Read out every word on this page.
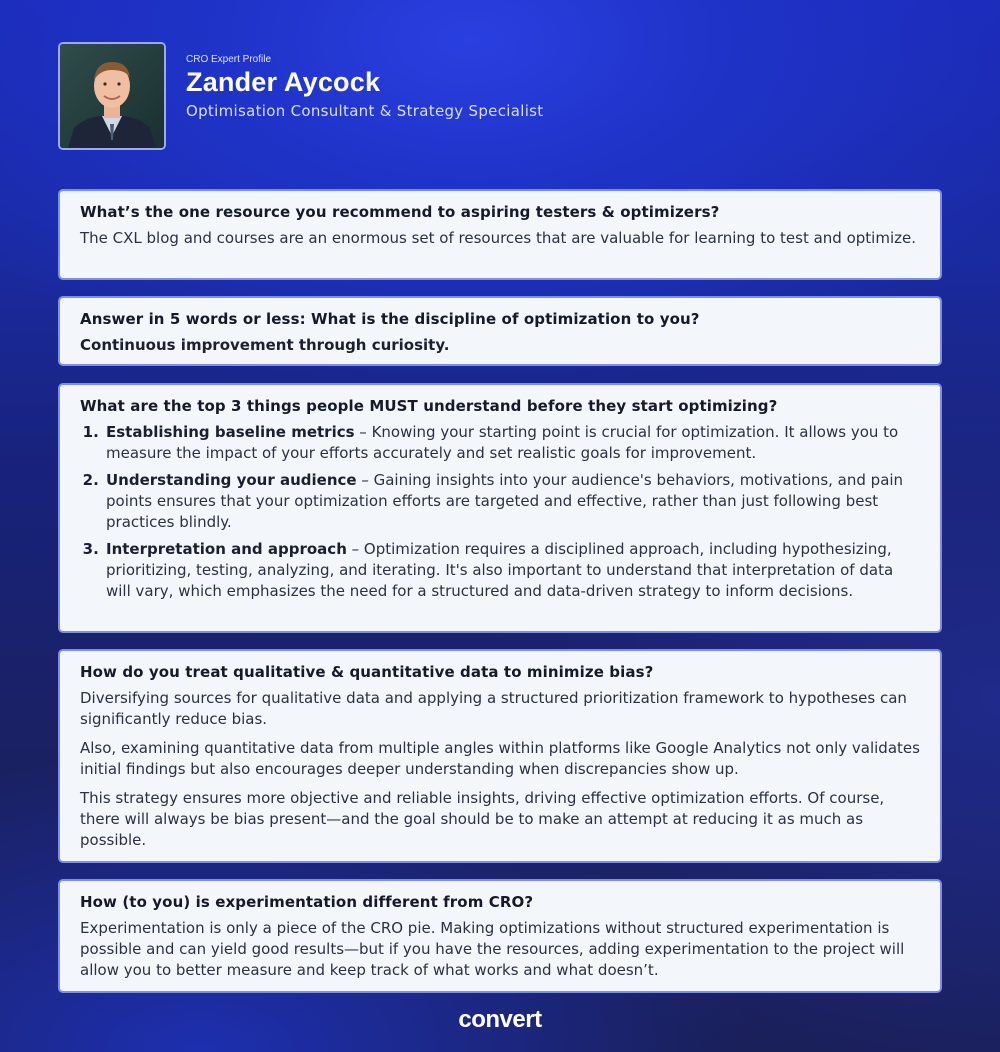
CRO Expert Profile
Zander Aycock
Optimisation Consultant & Strategy Specialist
What’s the one resource you recommend to aspiring testers & optimizers?

The CXL blog and courses are an enormous set of resources that are valuable for learning to test and optimize.

Answer in 5 words or less: What is the discipline of optimization to you?

Continuous improvement through curiosity.

What are the top 3 things people MUST understand before they start optimizing?
1. Establishing baseline metrics – Knowing your starting point is crucial for optimization. It allows you to measure the impact of your efforts accurately and set realistic goals for improvement.
2. Understanding your audience – Gaining insights into your audience's behaviors, motivations, and pain points ensures that your optimization efforts are targeted and effective, rather than just following best practices blindly.
3. Interpretation and approach – Optimization requires a disciplined approach, including hypothesizing, prioritizing, testing, analyzing, and iterating. It's also important to understand that interpretation of data will vary, which emphasizes the need for a structured and data-driven strategy to inform decisions.
How do you treat qualitative & quantitative data to minimize bias?

Diversifying sources for qualitative data and applying a structured prioritization framework to hypotheses can significantly reduce bias.

Also, examining quantitative data from multiple angles within platforms like Google Analytics not only validates initial findings but also encourages deeper understanding when discrepancies show up.

This strategy ensures more objective and reliable insights, driving effective optimization efforts. Of course, there will always be bias present—and the goal should be to make an attempt at reducing it as much as possible.

How (to you) is experimentation different from CRO?

Experimentation is only a piece of the CRO pie. Making optimizations without structured experimentation is possible and can yield good results—but if you have the resources, adding experimentation to the project will allow you to better measure and keep track of what works and what doesn’t.

convert
